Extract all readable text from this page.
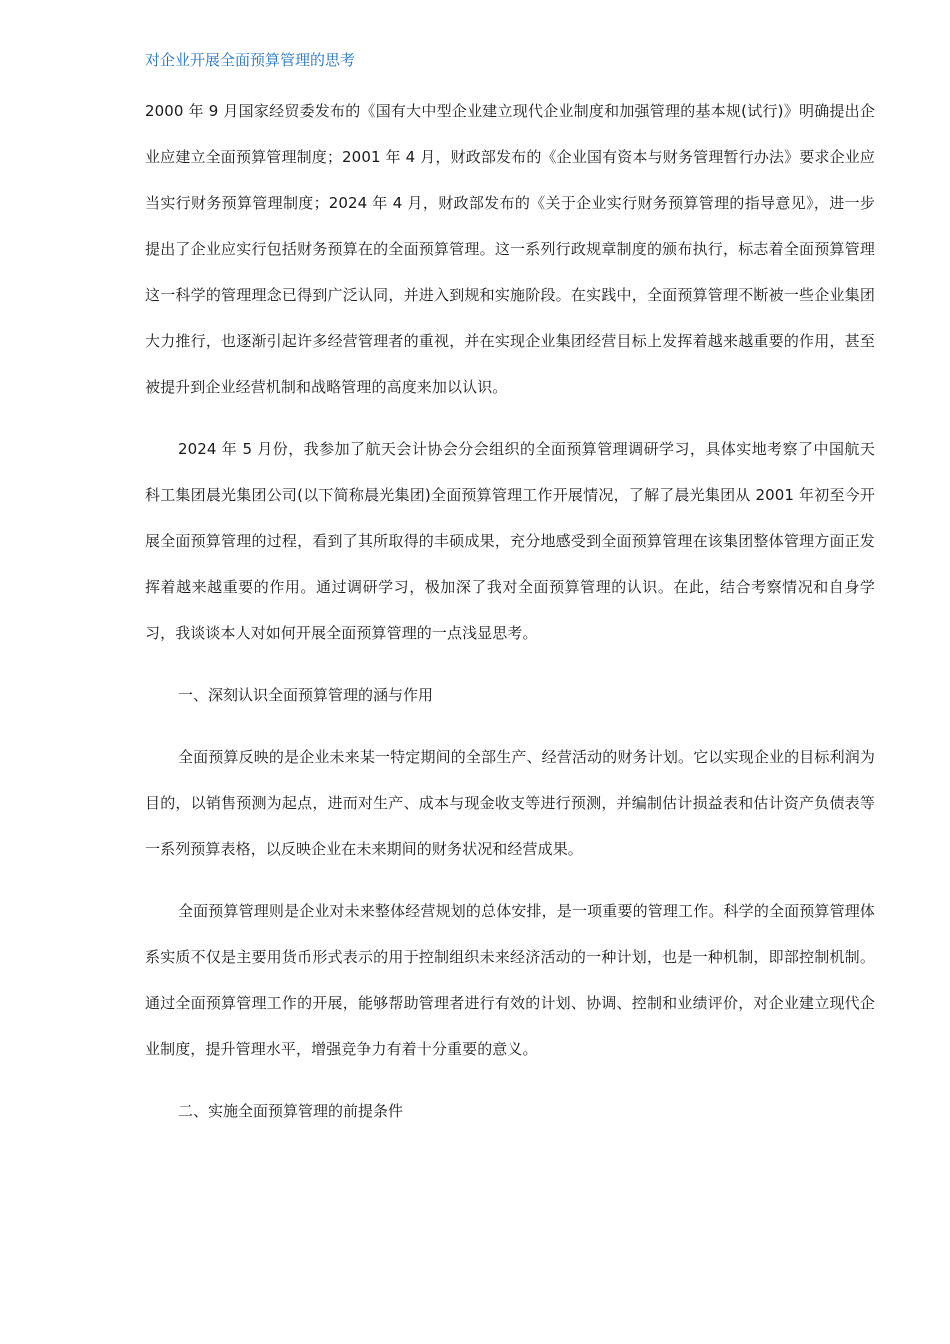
对企业开展全面预算管理的思考

2000 年 9 月国家经贸委发布的《国有大中型企业建立现代企业制度和加强管理的基本规(试行)》明确提出企业应建立全面预算管理制度；2001 年 4 月，财政部发布的《企业国有资本与财务管理暂行办法》要求企业应当实行财务预算管理制度；2024 年 4 月，财政部发布的《关于企业实行财务预算管理的指导意见》，进一步提出了企业应实行包括财务预算在的全面预算管理。这一系列行政规章制度的颁布执行，标志着全面预算管理这一科学的管理理念已得到广泛认同，并进入到规和实施阶段。在实践中，全面预算管理不断被一些企业集团大力推行，也逐渐引起许多经营管理者的重视，并在实现企业集团经营目标上发挥着越来越重要的作用，甚至被提升到企业经营机制和战略管理的高度来加以认识。

2024 年 5 月份，我参加了航天会计协会分会组织的全面预算管理调研学习，具体实地考察了中国航天科工集团晨光集团公司(以下简称晨光集团)全面预算管理工作开展情况，了解了晨光集团从 2001 年初至今开展全面预算管理的过程，看到了其所取得的丰硕成果，充分地感受到全面预算管理在该集团整体管理方面正发挥着越来越重要的作用。通过调研学习，极加深了我对全面预算管理的认识。在此，结合考察情况和自身学习，我谈谈本人对如何开展全面预算管理的一点浅显思考。

一、深刻认识全面预算管理的涵与作用

全面预算反映的是企业未来某一特定期间的全部生产、经营活动的财务计划。它以实现企业的目标利润为目的，以销售预测为起点，进而对生产、成本与现金收支等进行预测，并编制估计损益表和估计资产负债表等一系列预算表格，以反映企业在未来期间的财务状况和经营成果。

全面预算管理则是企业对未来整体经营规划的总体安排，是一项重要的管理工作。科学的全面预算管理体系实质不仅是主要用货币形式表示的用于控制组织未来经济活动的一种计划，也是一种机制，即部控制机制。通过全面预算管理工作的开展，能够帮助管理者进行有效的计划、协调、控制和业绩评价，对企业建立现代企业制度，提升管理水平，增强竞争力有着十分重要的意义。

二、实施全面预算管理的前提条件
